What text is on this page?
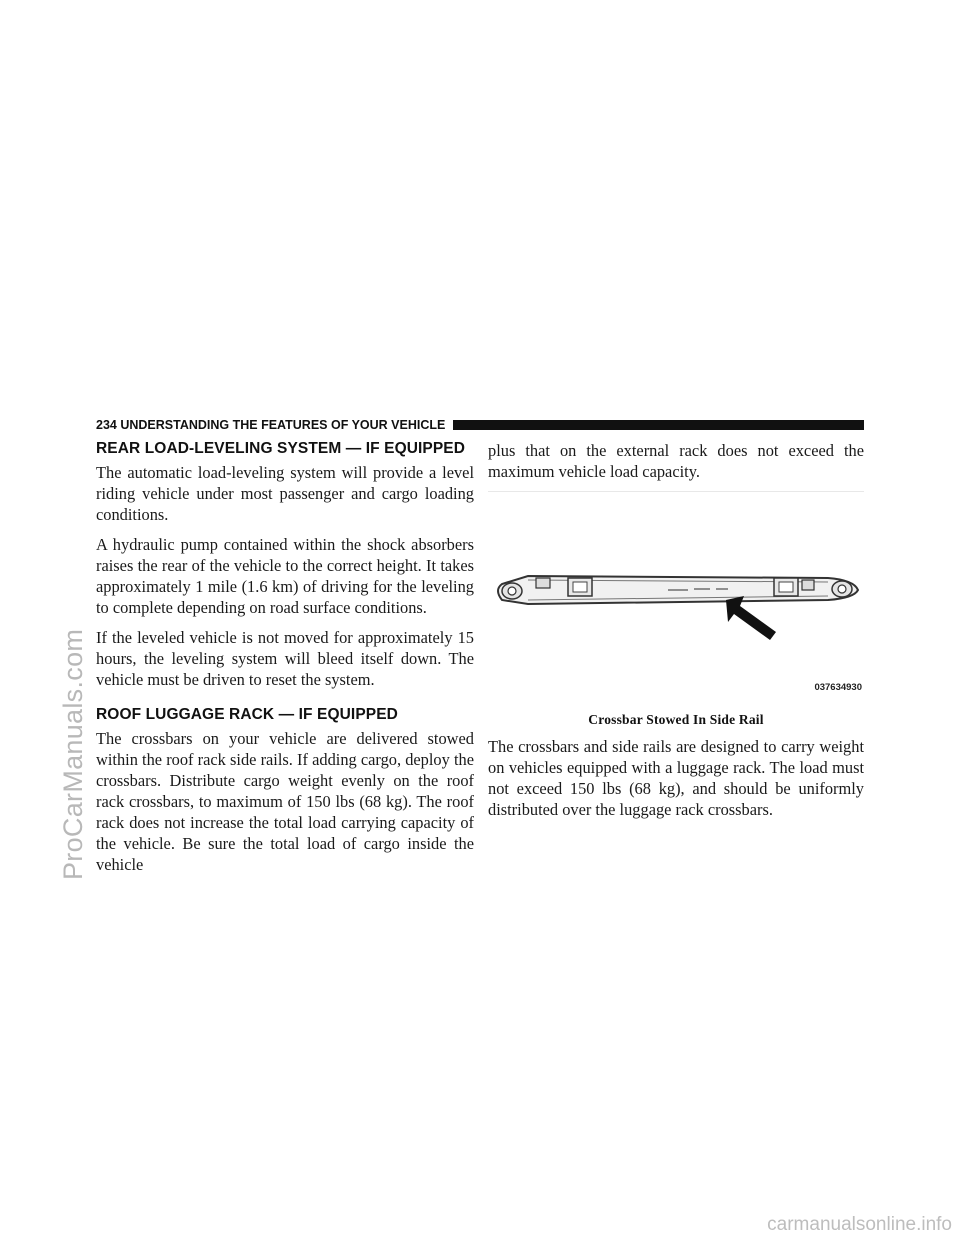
ProCarManuals.com
234 UNDERSTANDING THE FEATURES OF YOUR VEHICLE
REAR LOAD-LEVELING SYSTEM — IF EQUIPPED

The automatic load-leveling system will provide a level riding vehicle under most passenger and cargo loading conditions.

A hydraulic pump contained within the shock absorbers raises the rear of the vehicle to the correct height. It takes approximately 1 mile (1.6 km) of driving for the leveling to complete depending on road surface conditions.

If the leveled vehicle is not moved for approximately 15 hours, the leveling system will bleed itself down. The vehicle must be driven to reset the system.

ROOF LUGGAGE RACK — IF EQUIPPED

The crossbars on your vehicle are delivered stowed within the roof rack side rails. If adding cargo, deploy the crossbars. Distribute cargo weight evenly on the roof rack crossbars, to maximum of 150 lbs (68 kg). The roof rack does not increase the total load carrying capacity of the vehicle. Be sure the total load of cargo inside the vehicle

plus that on the external rack does not exceed the maximum vehicle load capacity.

037634930
Crossbar Stowed In Side Rail

The crossbars and side rails are designed to carry weight on vehicles equipped with a luggage rack. The load must not exceed 150 lbs (68 kg), and should be uniformly distributed over the luggage rack crossbars.

carmanualsonline.info
